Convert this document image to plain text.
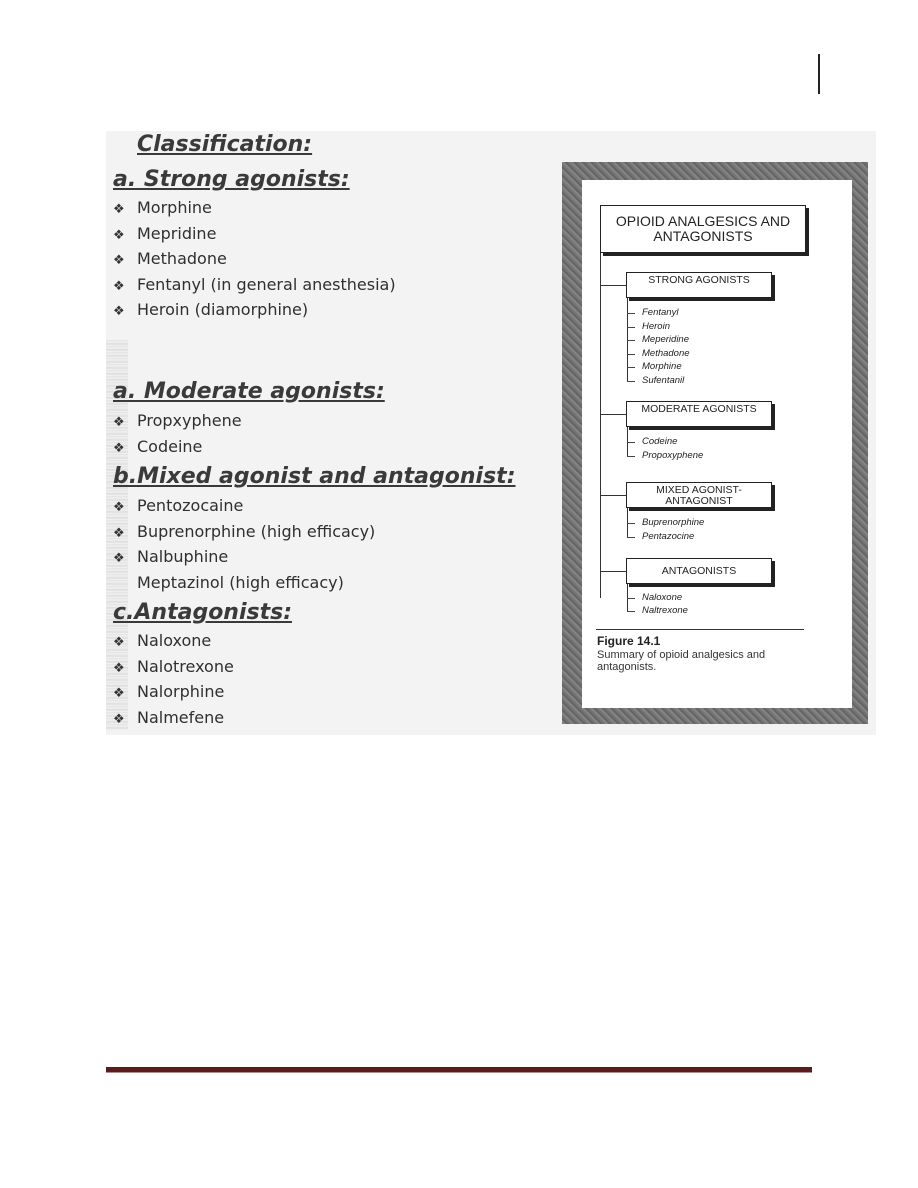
Classification:
a. Strong agonists:
❖ Morphine
❖ Mepridine
❖ Methadone
❖ Fentanyl (in general anesthesia)
❖ Heroin (diamorphine)
a. Moderate agonists:
❖ Propxyphene
❖ Codeine
b.Mixed agonist and antagonist:
❖ Pentozocaine
❖ Buprenorphine (high efficacy)
❖ Nalbuphine
Meptazinol (high efficacy)
c.Antagonists:
❖ Naloxone
❖ Nalotrexone
❖ Nalorphine
❖ Nalmefene
OPIOID ANALGESICS AND ANTAGONISTS
STRONG AGONISTS
Fentanyl
Heroin
Meperidine
Methadone
Morphine
Sufentanil
MODERATE AGONISTS
Codeine
Propoxyphene
MIXED AGONIST-ANTAGONIST
Buprenorphine
Pentazocine
ANTAGONISTS
Naloxone
Naltrexone
Figure 14.1
Summary of opioid analgesics and antagonists.
